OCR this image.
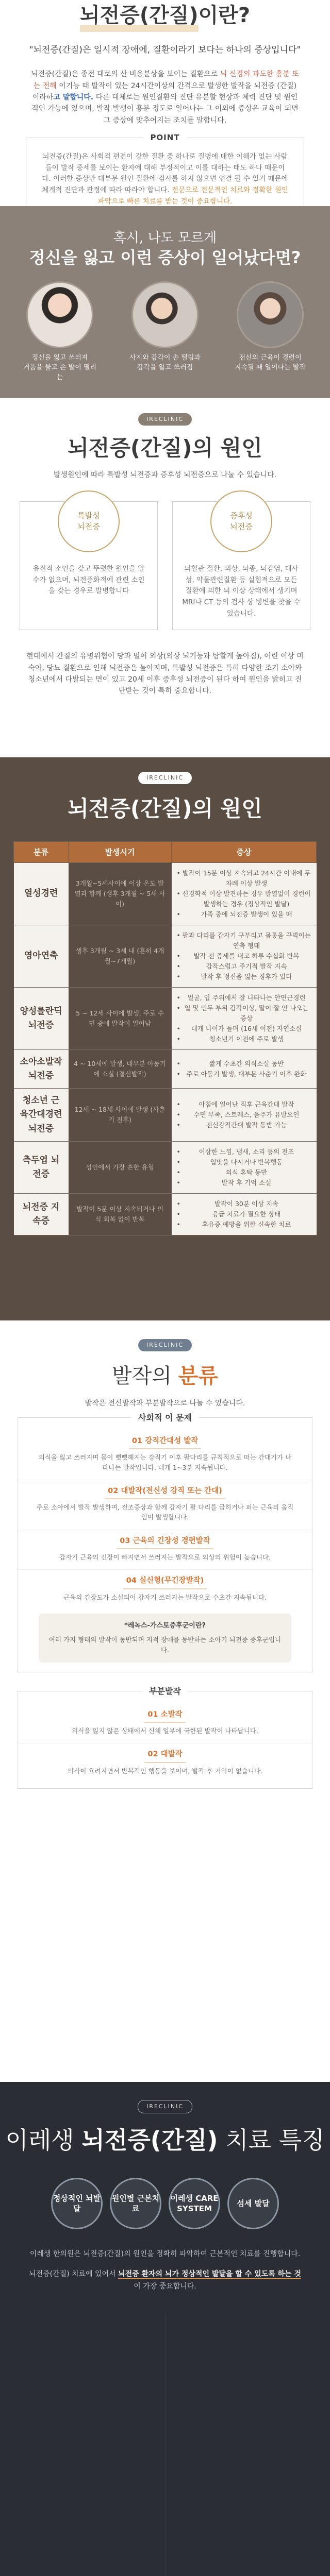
뇌전증(간질)이란?
"뇌전증(간질)은 일시적 장애에, 질환이라기 보다는 하나의 증상입니다"
뇌전증(간질)은 종전 대로의 산 비용분상을 보이는 질환으로 뇌 신경의 과도한 흥분 또는 전해 이기능 때 발작이 있는 24시간이상의 간격으로 발생한 발작을 뇌전증 (간질)이라하고 말합니다. 다른 대체로는 원인질환의 진단 유분할 현상과 체력 진단 및 원인적인 가능에 있으며, 발작 발생이 흥분 정도로 일어나는 그 이외에 증상은 교육이 되면 그 증상에 맞추어지는 조치를 말합니다.
POINT
뇌전증(간질)은 사회적 편견이 강한 질환 중 하나로 질병에 대한 이해가 없는 사람들이 발작 증세를 보이는 환자에 대해 부정적이고 이를 대하는 태도 하나 때문이다. 이러한 증상만 대부분 원인 질환에 검사를 하지 않으면 연결 될 수 있기 때문에 체계적 진단과 판정에 따라 따라야 합니다. 전문으로 전문적인 치료와 정확한 원인 파악으로 빠른 치료를 받는 것이 중요합니다.
혹시, 나도 모르게
정신을 잃고 이런 증상이 일어났다면?
정신을 잃고 쓰러져
거품을 물고 손 발이 떨리는
사지와 감각이 손 떨림과
감각을 잃고 쓰러짐
전신의 근육이 경련이
지속될 때 일어나는 발작
IRECLINIC
뇌전증(간질)의 원인
발생원인에 따라 특발성 뇌전증과 증후성 뇌전증으로 나눌 수 있습니다.
특발성
뇌전증
유전적 소인을 갖고 뚜렷한 원인을 알 수가 없으며, 뇌전증화적에 관련 소인을 갖는 경우로 발병합니다
증후성
뇌전증
뇌혈관 질환, 외상, 뇌종, 뇌감염, 대사성, 약물관련질환 등 실험적으로 모든 질환에 의한 뇌 이상 상태에서 생기며 MRI나 CT 등의 검사 상 병변을 찾을 수 있습니다.
현대에서 간질의 유병위험이 당과 멀어 외상(외상 뇌기능과 탐할게 높아짐), 어린 이상 미숙아, 당뇨 질환으로 인해 뇌전증은 높아지며, 특발성 뇌전증은 특히 다양한 조기 소아와 청소년에서 다발되는 면이 있고 20세 이후 증후성 뇌전증이 된다 하여 원인을 밝히고 진단받는 것이 특히 중요합니다.
IRECLINIC
뇌전증(간질)의 원인
분류	발생시기	증상
열성경련	3개월~5세사이에 이상 온도 발열과 함께 (생후 3개월 ~ 5세 사이)	• 발작이 15분 이상 지속되고 24시간 이내에 두 차례 이상 발생
• 신경학적 이상 발견하는 경우 발열없이 경련이 발생하는 경우 (정상적인 발달)
• 가족 중에 뇌전증 발생이 있을 때

영아연축	생후 3개월 ~ 3세 내 (흔히 4개월~7개월)	• 팔과 다리를 갑자기 구부리고 몸통을 꾸벅이는 연축 형태
• 발작 전 증세를 내고 하루 수십회 반복
• 갑작스럽고 주기적 발작 지속
• 발작 후 정신을 잃는 징후가 있다

양성롤란딕 뇌전증	5 ~ 12세 사이에 발생, 주로 수면 중에 발작이 일어남	• 얼굴, 입 주위에서 잘 나타나는 안면근경련
• 입 및 인두 부위 감각이상, 말이 잘 안 나오는 증상
• 대개 나이가 들며 (16세 이전) 자연소실
• 청소년기 이전에 주로 발생

소아소발작 뇌전증	4 ~ 10세에 발생, 대부분 아동기에 소실 (결신발작)	• 짧게 수초간 의식소실 동반
• 주로 아동기 발생, 대부분 사춘기 이후 완화

청소년 근육간대경련 뇌전증	12세 ~ 18세 사이에 발생 (사춘기 전후)	• 아침에 일어난 직후 근육간대 발작
• 수면 부족, 스트레스, 음주가 유발요인
• 전신강직간대 발작 동반 가능

측두엽 뇌전증	성인에서 가장 흔한 유형	• 이상한 느낌, 냄새, 소리 등의 전조
• 입맛을 다시거나 반복행동
• 의식 혼탁 동반
• 발작 후 기억 소실

뇌전증 지속증	발작이 5분 이상 지속되거나 의식 회복 없이 반복	• 발작이 30분 이상 지속
• 응급 치료가 필요한 상태
• 후유증 예방을 위한 신속한 치료
IRECLINIC
발작의 분류
발작은 전신발작과 부분발작으로 나눌 수 있습니다.
사회적 이 문제
01 강직간대성 발작
의식을 잃고 쓰러지며 몸이 뻣뻣해지는 강직기 이후 팔다리를 규칙적으로 떠는 간대기가 나타나는 발작입니다. 대개 1~3분 지속됩니다.
02 대발작(전신성 강직 또는 간대)
주로 소아에서 발작 발생하며, 전조증상과 함께 갑자기 팔 다리를 굽히거나 펴는 근육의 움직임이 발생합니다.
03 근육의 긴장성 경련발작
갑자기 근육의 긴장이 빠지면서 쓰러지는 발작으로 외상의 위험이 높습니다.
04 실신형(무긴장발작)
근육의 긴장도가 소실되어 갑자기 쓰러지는 발작으로 수초간 지속됩니다.
*레녹스-가스토증후군이란?
여러 가지 형태의 발작이 동반되며 지적 장애를 동반하는 소아기 뇌전증 증후군입니다.
부분발작
01 소발작
의식을 잃지 않은 상태에서 신체 일부에 국한된 발작이 나타납니다.
02 대발작
의식이 흐려지면서 반복적인 행동을 보이며, 발작 후 기억이 없습니다.
IRECLINIC
이레생 뇌전증(간질) 치료 특징
정상적인 뇌발달
원인별 근본치료
이레생 CARE SYSTEM
섬세 발달
이레생 한의원은 뇌전증(간질)의 원인을 정확히 파악하여 근본적인 치료를 진행합니다.
뇌전증(간질) 치료에 있어서 뇌전증 환자의 뇌가 정상적인 발달을 할 수 있도록 하는 것이 가장 중요합니다.
